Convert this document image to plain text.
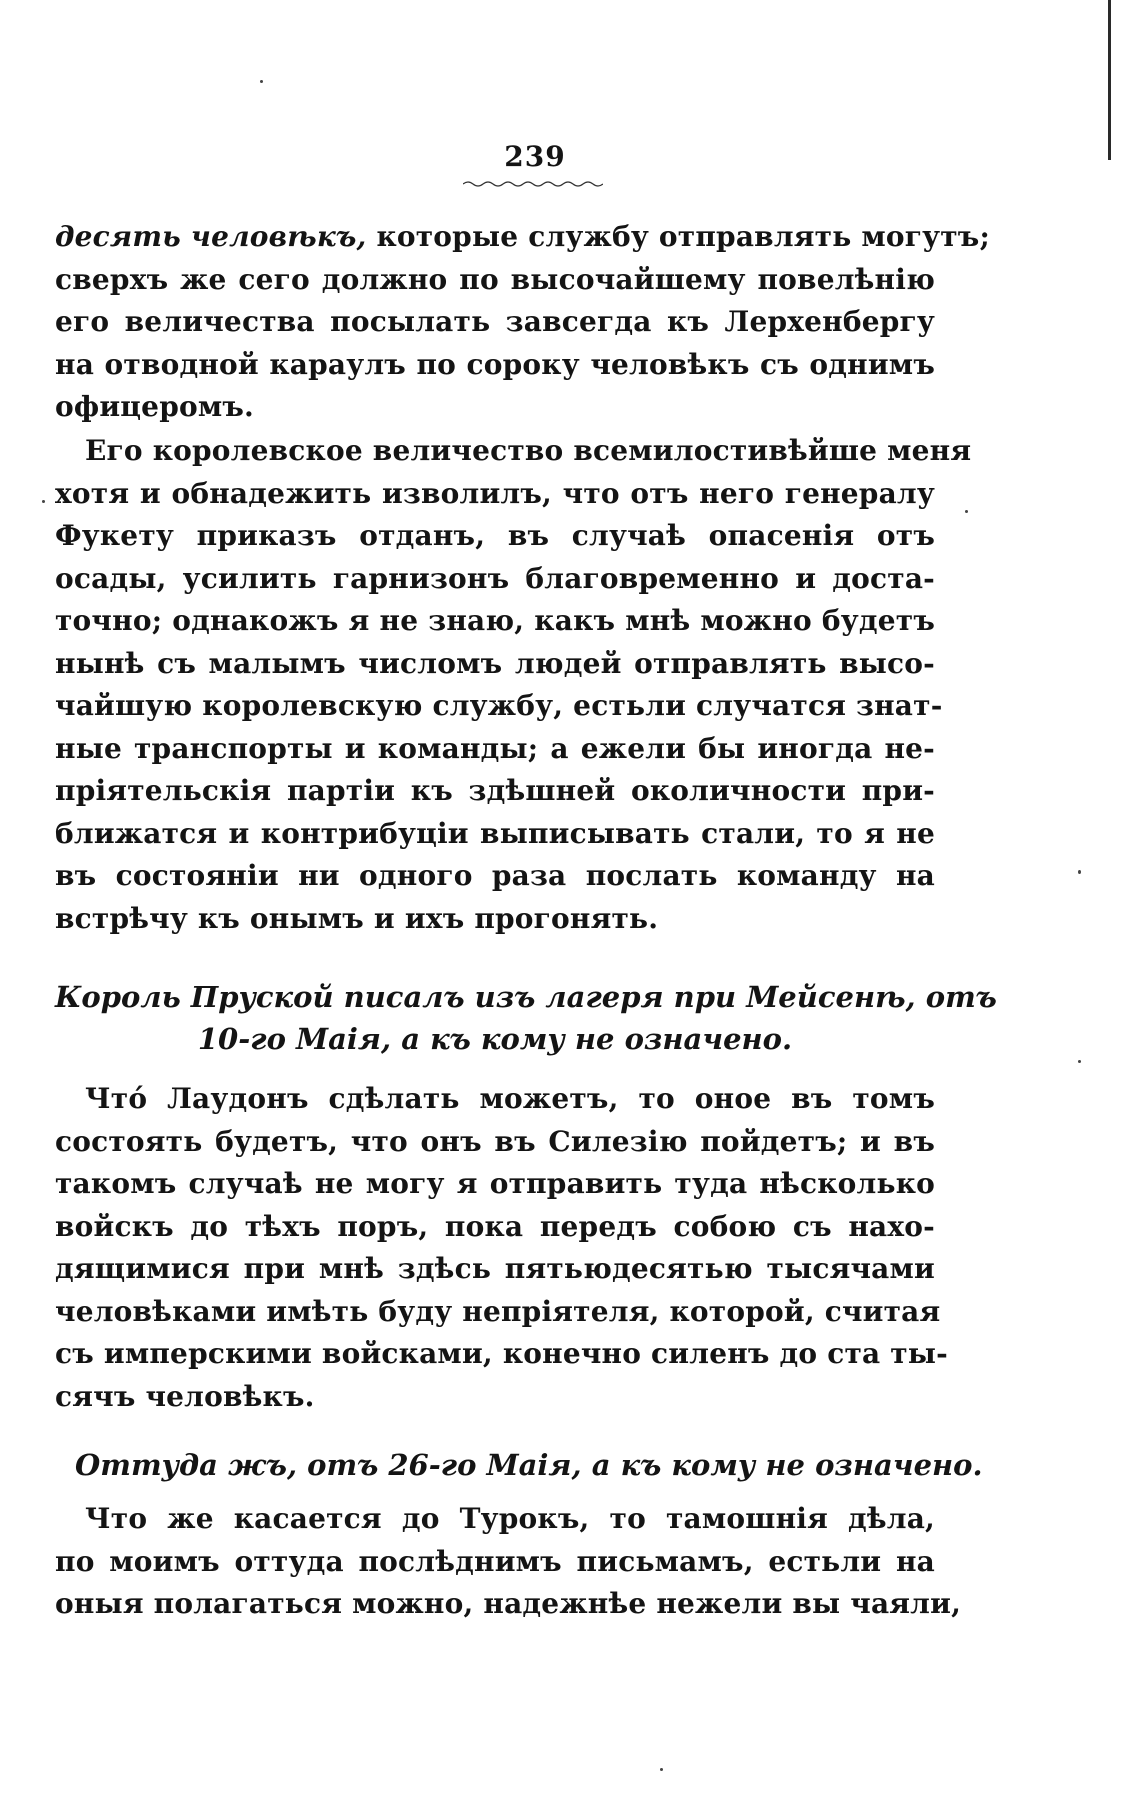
239
десять человѣкъ, которые службу отправлять могутъ;
сверхъ же сего должно по высочайшему повелѣнію
его величества посылать завсегда къ Лерхенбергу
на отводной караулъ по сороку человѣкъ съ однимъ
офицеромъ.
Его королевское величество всемилостивѣйше меня
хотя и обнадежить изволилъ, что отъ него генералу
Фукету приказъ отданъ, въ случаѣ опасенія отъ
осады, усилить гарнизонъ благовременно и доста-
точно; однакожъ я не знаю, какъ мнѣ можно будетъ
нынѣ съ малымъ числомъ людей отправлять высо-
чайшую королевскую службу, естьли случатся знат-
ные транспорты и команды; а ежели бы иногда не-
пріятельскія партіи къ здѣшней околичности при-
ближатся и контрибуціи выписывать стали, то я не
въ состояніи ни одного раза послать команду на
встрѣчу къ онымъ и ихъ прогонять.
Король Пруской писалъ изъ лагеря при Мейсенѣ, отъ
10-го Маія, а къ кому не означено.
Чтó Лаудонъ сдѣлать можетъ, то оное въ томъ
состоять будетъ, что онъ въ Силезію пойдетъ; и въ
такомъ случаѣ не могу я отправить туда нѣсколько
войскъ до тѣхъ поръ, пока передъ собою съ нахо-
дящимися при мнѣ здѣсь пятьюдесятью тысячами
человѣками имѣть буду непріятеля, которой, считая
съ имперскими войсками, конечно силенъ до ста ты-
сячъ человѣкъ.
Оттуда жъ, отъ 26-го Маія, а къ кому не означено.
Что же касается до Турокъ, то тамошнія дѣла,
по моимъ оттуда послѣднимъ письмамъ, естьли на
оныя полагаться можно, надежнѣе нежели вы чаяли,
